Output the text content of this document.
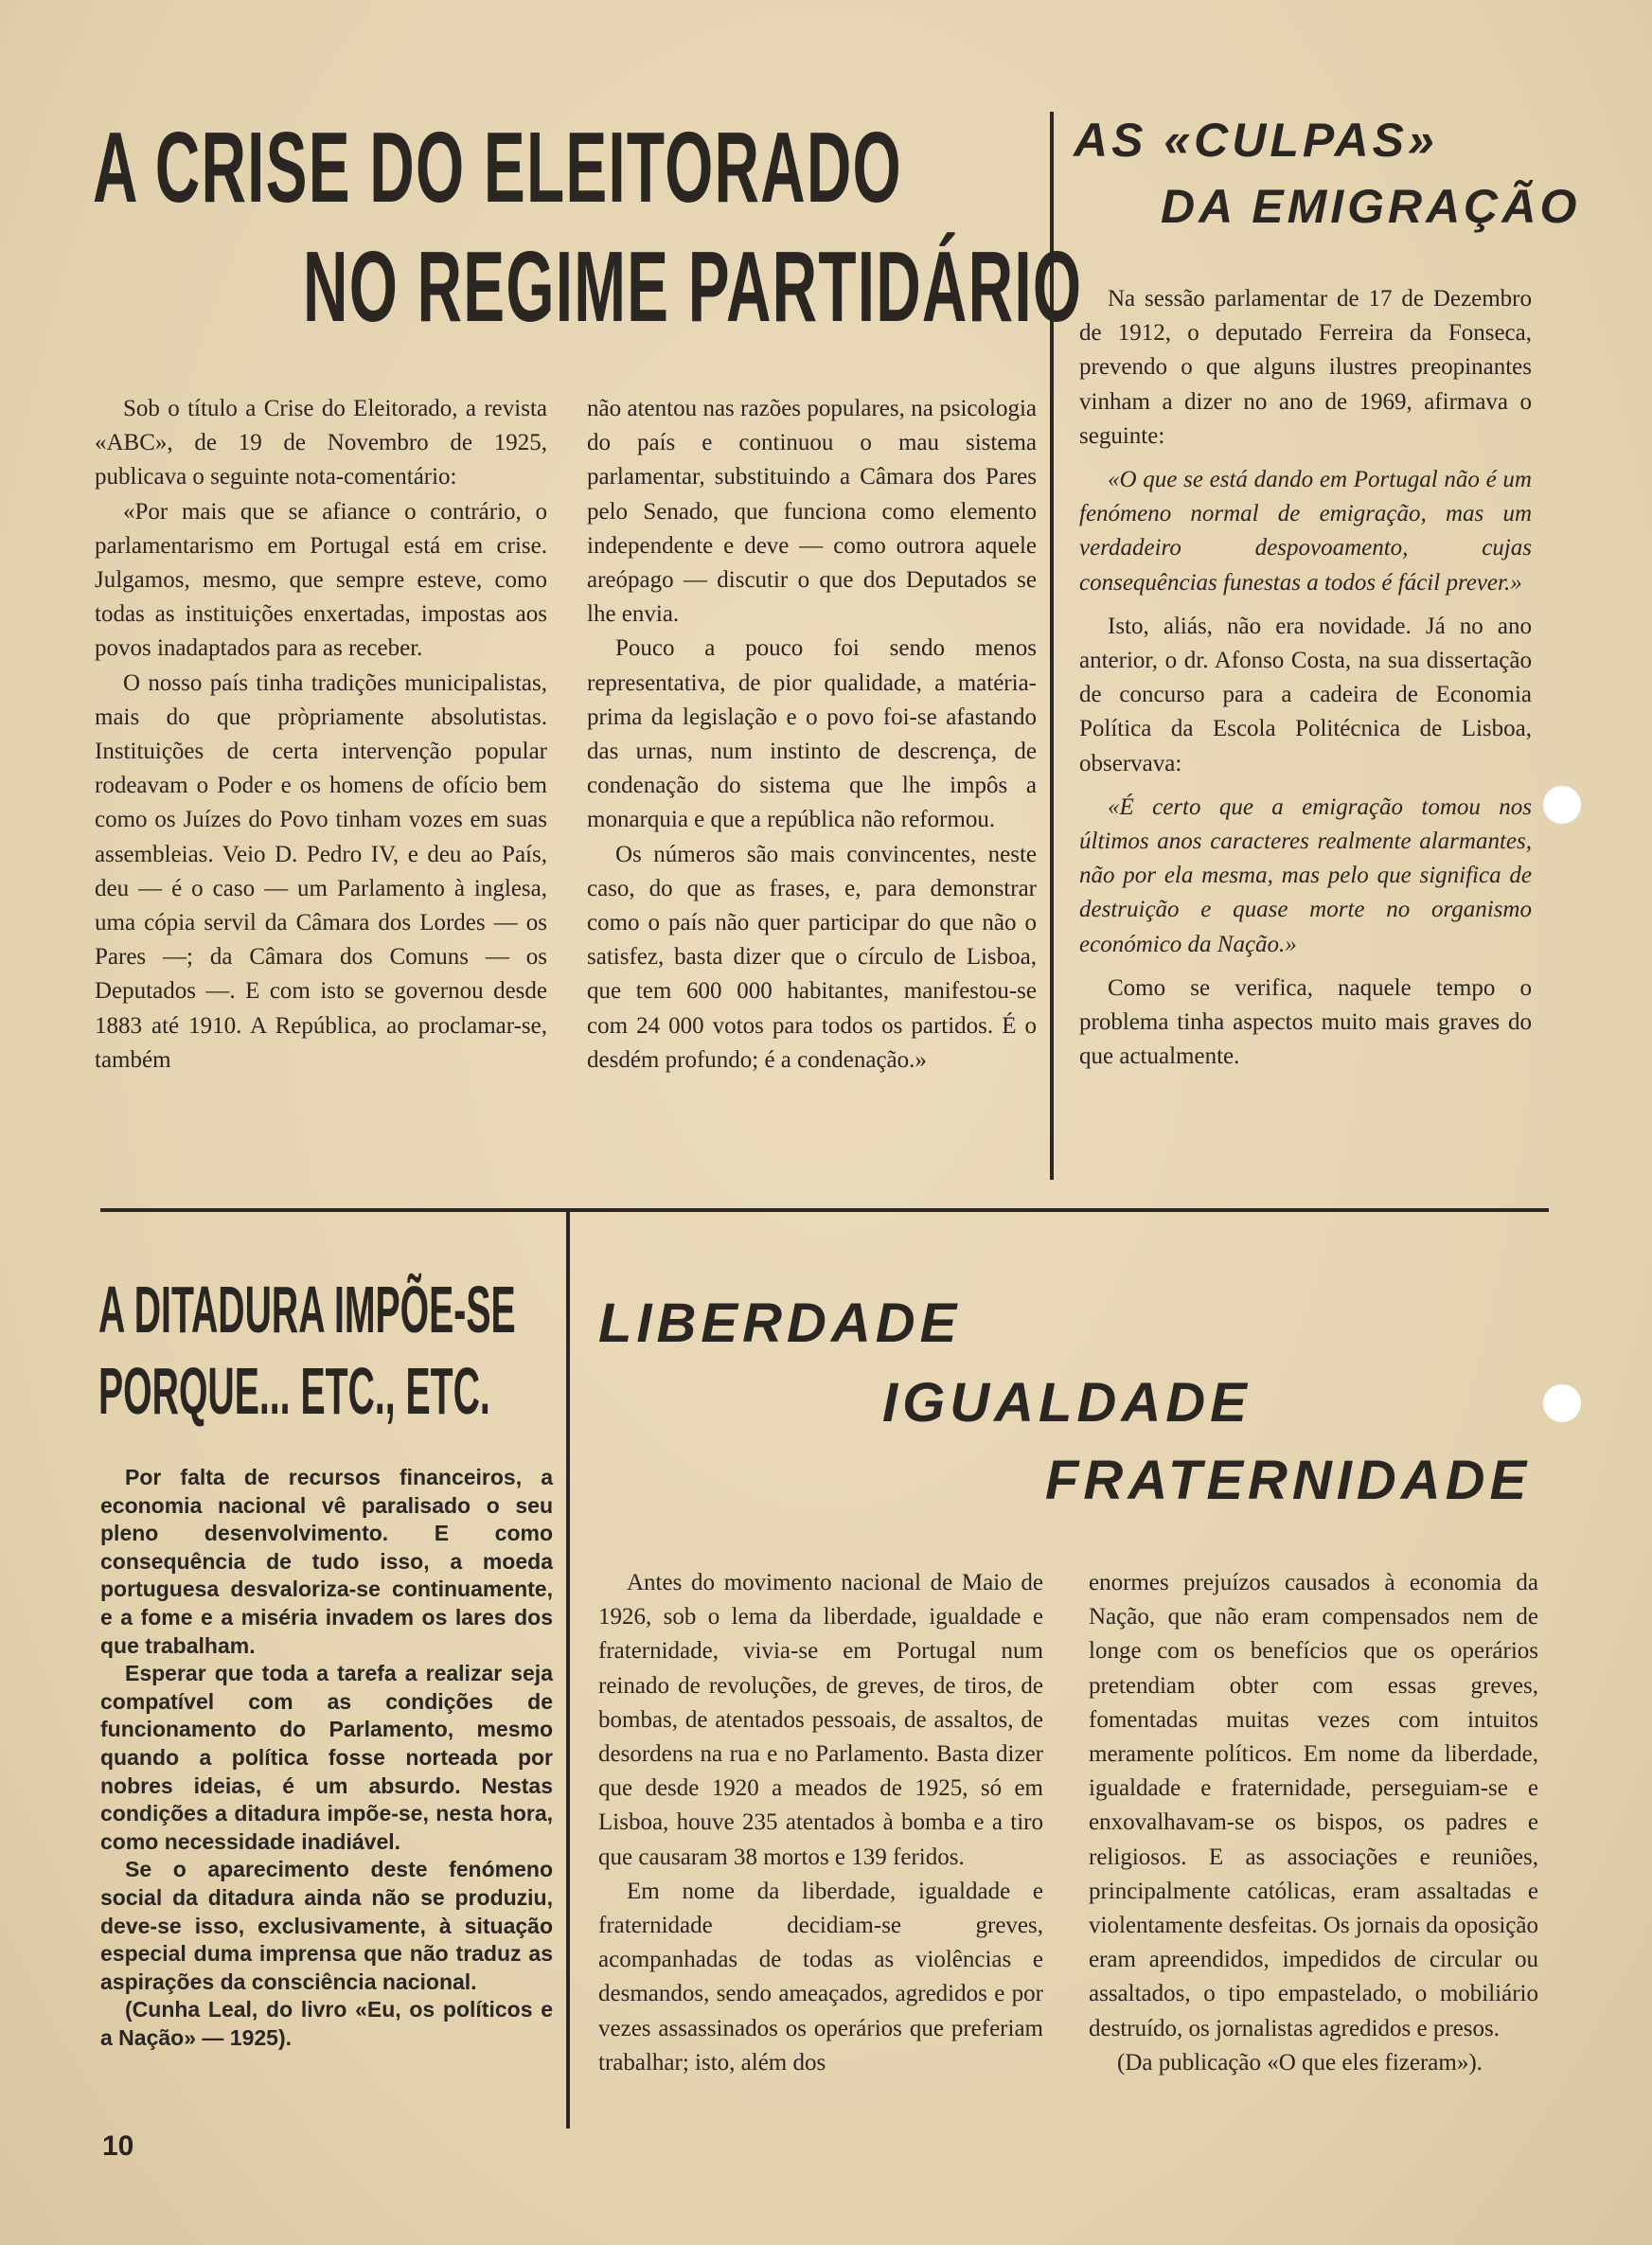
A CRISE DO ELEITORADO
NO REGIME PARTIDÁRIO

Sob o título a Crise do Eleitorado, a revista «ABC», de 19 de Novembro de 1925, publicava o seguinte nota-comentário:

«Por mais que se afiance o contrário, o parlamentarismo em Portugal está em crise. Julgamos, mesmo, que sempre esteve, como todas as instituições enxertadas, impostas aos povos inadaptados para as receber.

O nosso país tinha tradições municipalistas, mais do que pròpriamente absolutistas. Instituições de certa intervenção popular rodeavam o Poder e os homens de ofício bem como os Juízes do Povo tinham vozes em suas assembleias. Veio D. Pedro IV, e deu ao País, deu — é o caso — um Parlamento à inglesa, uma cópia servil da Câmara dos Lordes — os Pares —; da Câmara dos Comuns — os Deputados —. E com isto se governou desde 1883 até 1910. A República, ao proclamar-se, também

não atentou nas razões populares, na psicologia do país e continuou o mau sistema parlamentar, substituindo a Câmara dos Pares pelo Senado, que funciona como elemento independente e deve — como outrora aquele areópago — discutir o que dos Deputados se lhe envia.

Pouco a pouco foi sendo menos representativa, de pior qualidade, a matéria-prima da legislação e o povo foi-se afastando das urnas, num instinto de descrença, de condenação do sistema que lhe impôs a monarquia e que a república não reformou.

Os números são mais convincentes, neste caso, do que as frases, e, para demonstrar como o país não quer participar do que não o satisfez, basta dizer que o círculo de Lisboa, que tem 600 000 habitantes, manifestou-se com 24 000 votos para todos os partidos. É o desdém profundo; é a condenação.»

AS «CULPAS»
DA EMIGRAÇÃO

Na sessão parlamentar de 17 de Dezembro de 1912, o deputado Ferreira da Fonseca, prevendo o que alguns ilustres preopinantes vinham a dizer no ano de 1969, afirmava o seguinte:

«O que se está dando em Portugal não é um fenómeno normal de emigração, mas um verdadeiro despovoamento, cujas consequências funestas a todos é fácil prever.»

Isto, aliás, não era novidade. Já no ano anterior, o dr. Afonso Costa, na sua dissertação de concurso para a cadeira de Economia Política da Escola Politécnica de Lisboa, observava:

«É certo que a emigração tomou nos últimos anos caracteres realmente alarmantes, não por ela mesma, mas pelo que significa de destruição e quase morte no organismo económico da Nação.»

Como se verifica, naquele tempo o problema tinha aspectos muito mais graves do que actualmente.

A DITADURA IMPÕE-SE
PORQUE... ETC., ETC.

Por falta de recursos financeiros, a economia nacional vê paralisado o seu pleno desenvolvimento. E como consequência de tudo isso, a moeda portuguesa desvaloriza-se continuamente, e a fome e a miséria invadem os lares dos que trabalham.

Esperar que toda a tarefa a realizar seja compatível com as condições de funcionamento do Parlamento, mesmo quando a política fosse norteada por nobres ideias, é um absurdo. Nestas condições a ditadura impõe-se, nesta hora, como necessidade inadiável.

Se o aparecimento deste fenómeno social da ditadura ainda não se produziu, deve-se isso, exclusivamente, à situação especial duma imprensa que não traduz as aspirações da consciência nacional.

(Cunha Leal, do livro «Eu, os políticos e a Nação» — 1925).

LIBERDADE
IGUALDADE
FRATERNIDADE

Antes do movimento nacional de Maio de 1926, sob o lema da liberdade, igualdade e fraternidade, vivia-se em Portugal num reinado de revoluções, de greves, de tiros, de bombas, de atentados pessoais, de assaltos, de desordens na rua e no Parlamento. Basta dizer que desde 1920 a meados de 1925, só em Lisboa, houve 235 atentados à bomba e a tiro que causaram 38 mortos e 139 feridos.

Em nome da liberdade, igualdade e fraternidade decidiam-se greves, acompanhadas de todas as violências e desmandos, sendo ameaçados, agredidos e por vezes assassinados os operários que preferiam trabalhar; isto, além dos

enormes prejuízos causados à economia da Nação, que não eram compensados nem de longe com os benefícios que os operários pretendiam obter com essas greves, fomentadas muitas vezes com intuitos meramente políticos. Em nome da liberdade, igualdade e fraternidade, perseguiam-se e enxovalhavam-se os bispos, os padres e religiosos. E as associações e reuniões, principalmente católicas, eram assaltadas e violentamente desfeitas. Os jornais da oposição eram apreendidos, impedidos de circular ou assaltados, o tipo empastelado, o mobiliário destruído, os jornalistas agredidos e presos.

(Da publicação «O que eles fizeram»).

10
